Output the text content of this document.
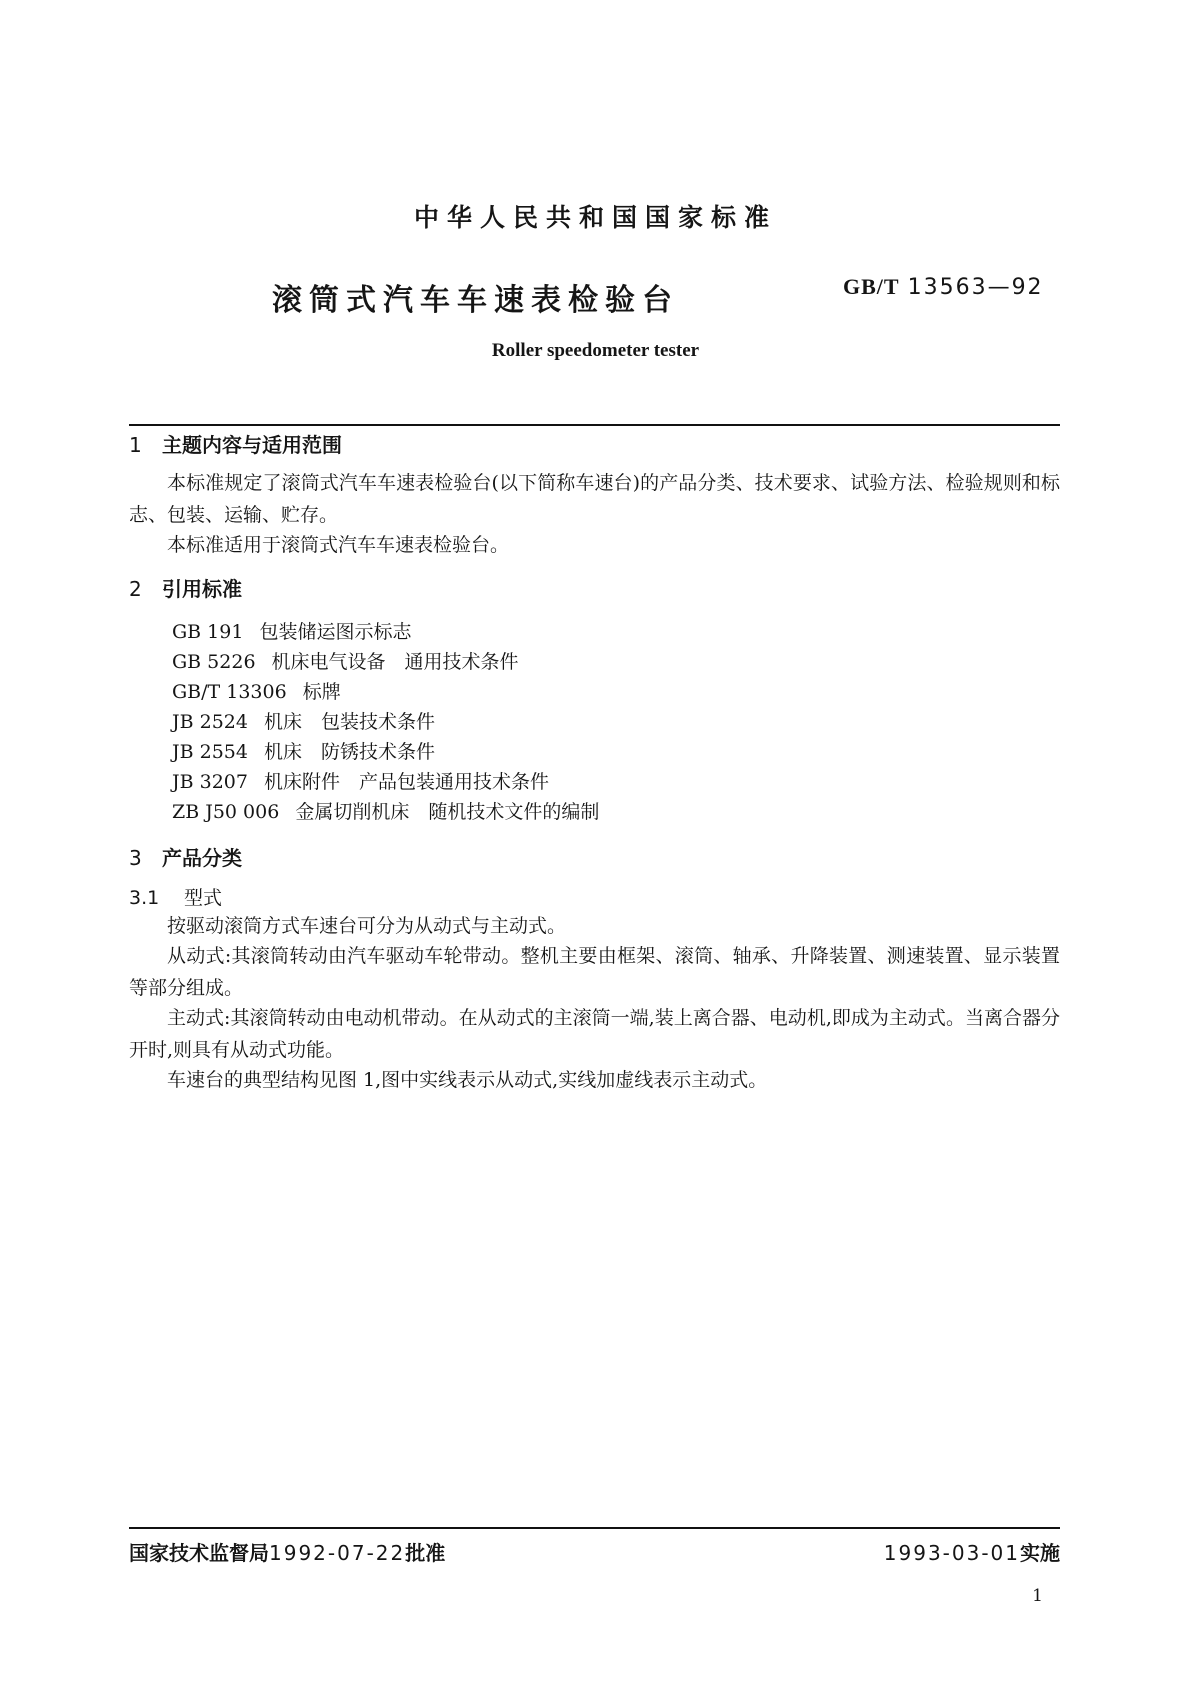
中华人民共和国国家标准
滚筒式汽车车速表检验台	GB/T 13563—92
Roller speedometer tester
1 主题内容与适用范围
本标准规定了滚筒式汽车车速表检验台(以下简称车速台)的产品分类、技术要求、试验方法、检验规则和标志、包装、运输、贮存。
本标准适用于滚筒式汽车车速表检验台。
2 引用标准
GB 191 包装储运图示标志
GB 5226 机床电气设备　通用技术条件
GB/T 13306 标牌
JB 2524 机床　包装技术条件
JB 2554 机床　防锈技术条件
JB 3207 机床附件　产品包装通用技术条件
ZB J50 006 金属切削机床　随机技术文件的编制
3 产品分类
3.1 型式
按驱动滚筒方式车速台可分为从动式与主动式。
从动式:其滚筒转动由汽车驱动车轮带动。整机主要由框架、滚筒、轴承、升降装置、测速装置、显示装置等部分组成。
主动式:其滚筒转动由电动机带动。在从动式的主滚筒一端,装上离合器、电动机,即成为主动式。当离合器分开时,则具有从动式功能。
车速台的典型结构见图 1,图中实线表示从动式,实线加虚线表示主动式。
国家技术监督局1992-07-22批准	1993-03-01实施
1
